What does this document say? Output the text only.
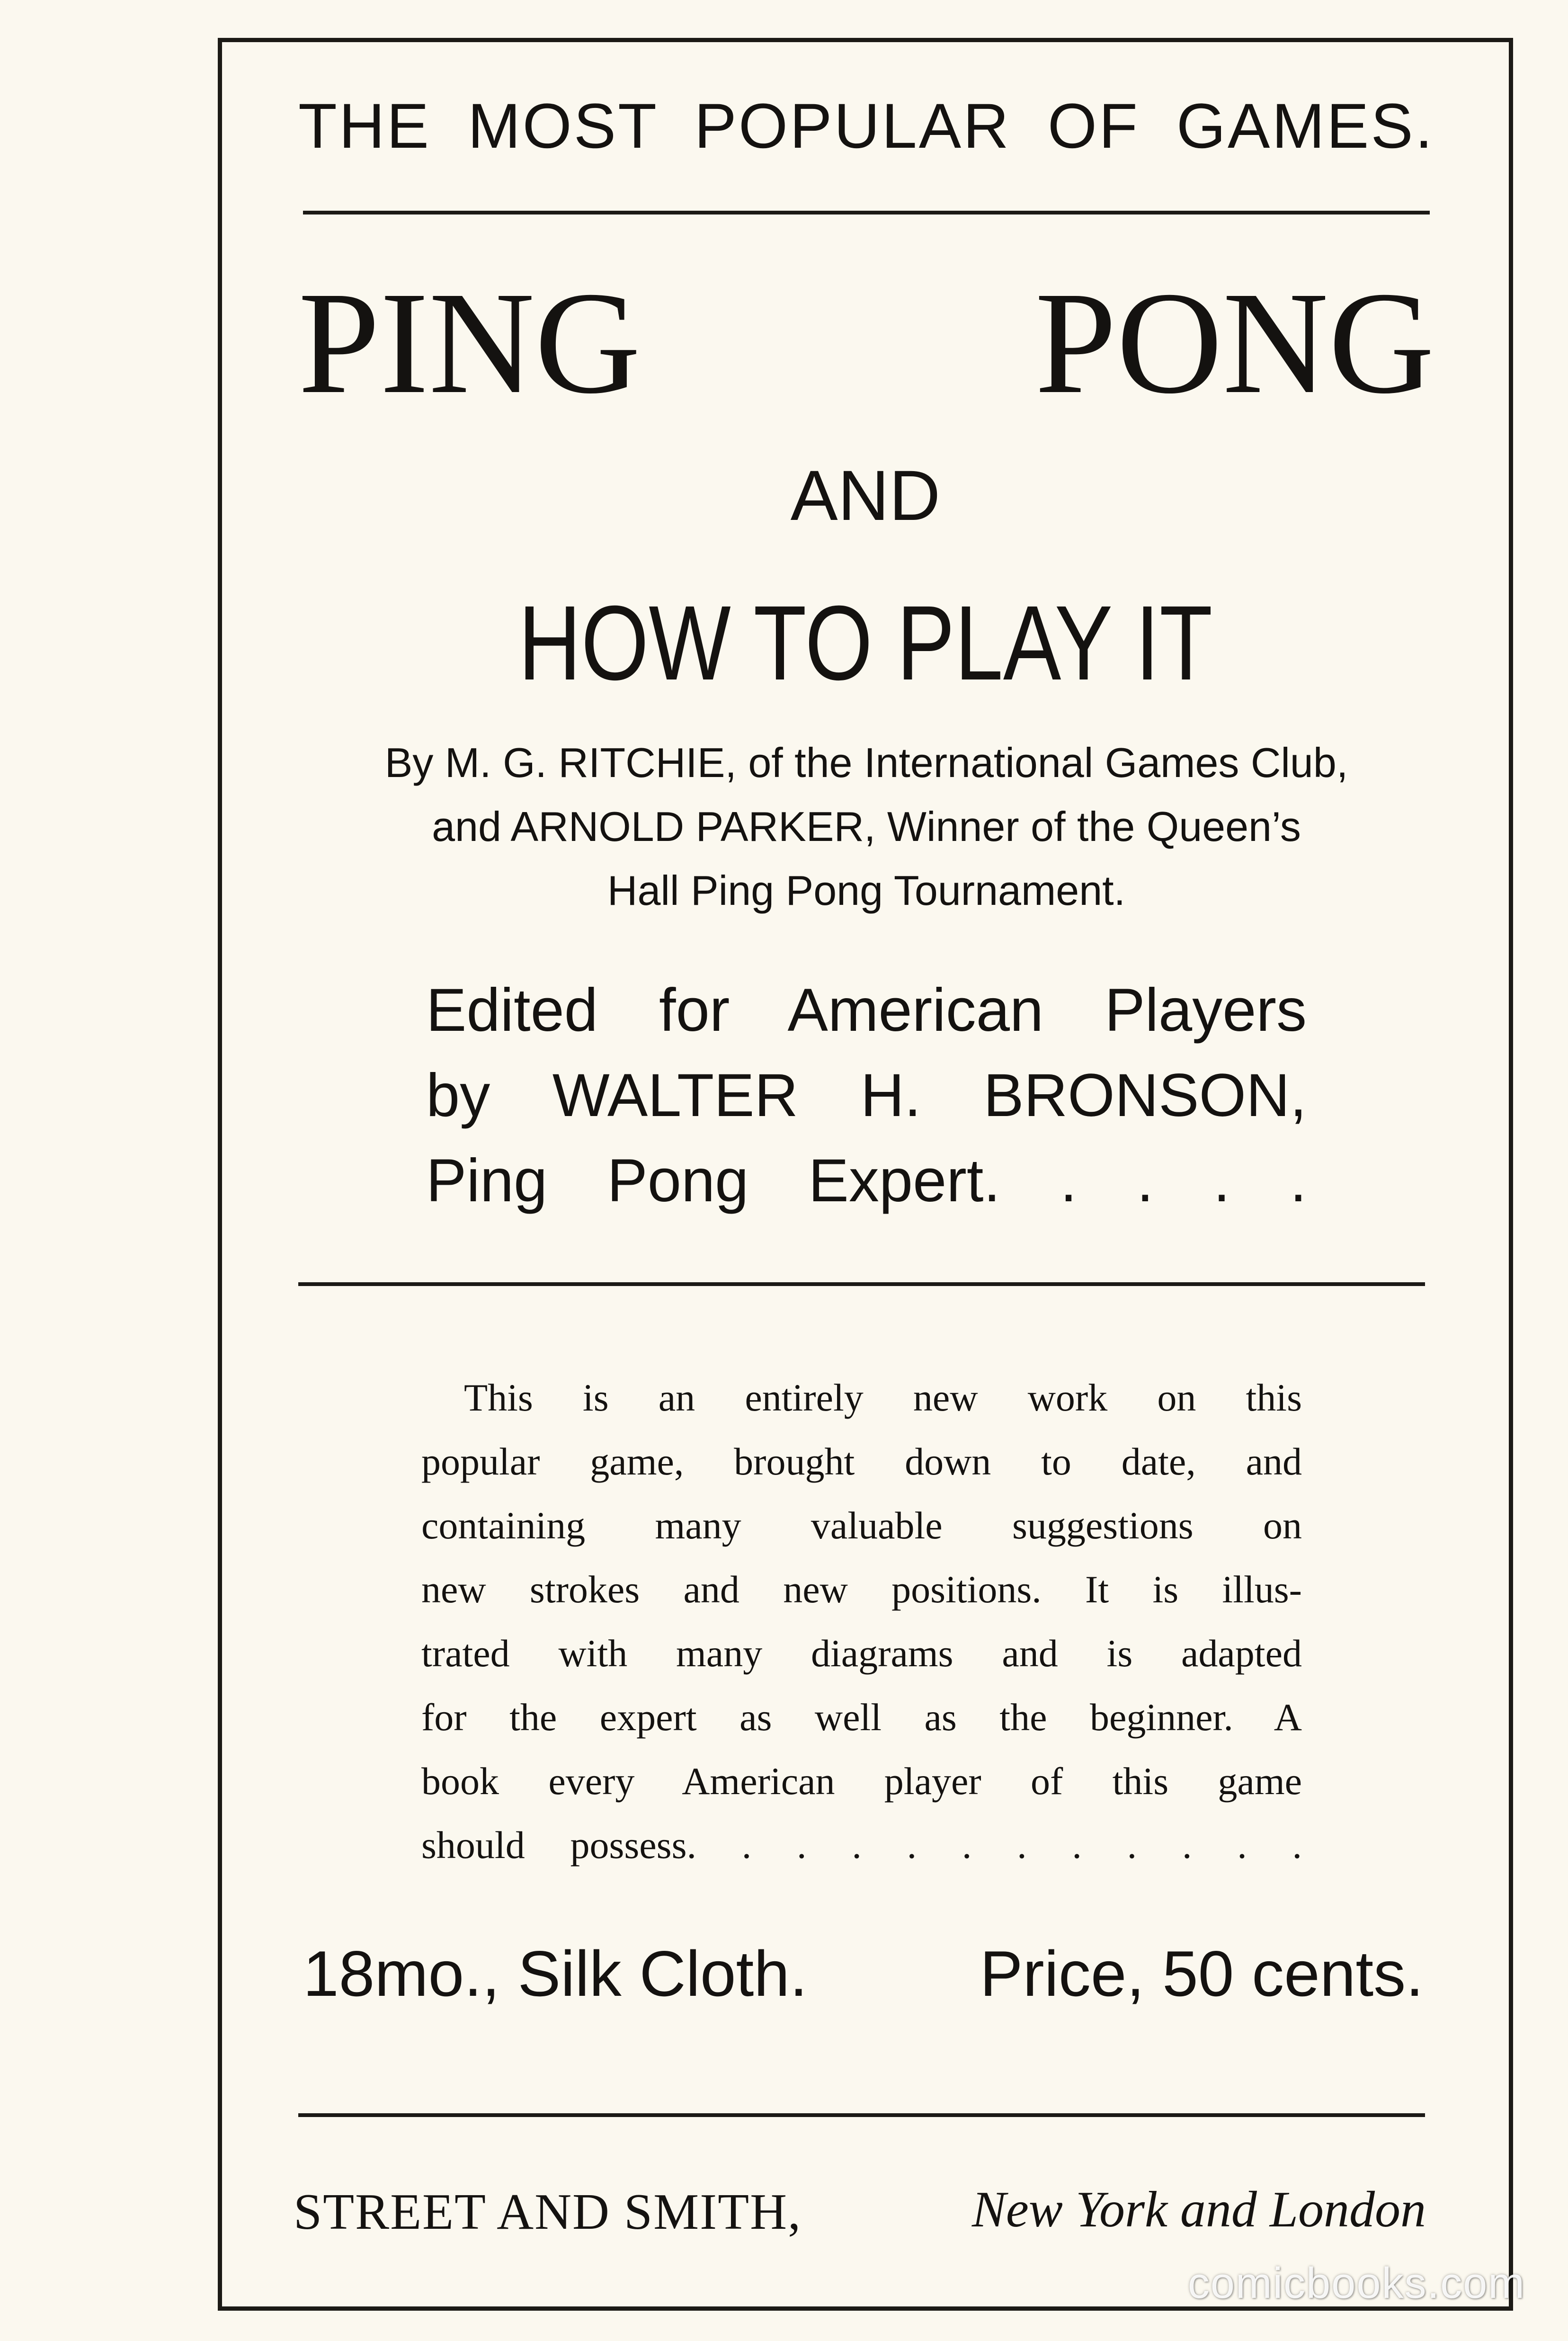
THE MOST POPULAR OF GAMES.
PING PONG
AND
HOW TO PLAY IT
By M. G. RITCHIE, of the International Games Club,
and ARNOLD PARKER, Winner of the Queen’s
Hall Ping Pong Tournament.
Edited for American Players
by WALTER H. BRONSON,
Ping Pong Expert. . . . .
This is an entirely new work on this
popular game, brought down to date, and
containing many valuable suggestions on
new strokes and new positions. It is illus-
trated with many diagrams and is adapted
for the expert as well as the beginner. A
book every American player of this game
should possess. . . . . . . . . . . .
18mo., Silk Cloth.	Price, 50 cents.
STREET AND SMITH,	New York and London
comicbooks.com
